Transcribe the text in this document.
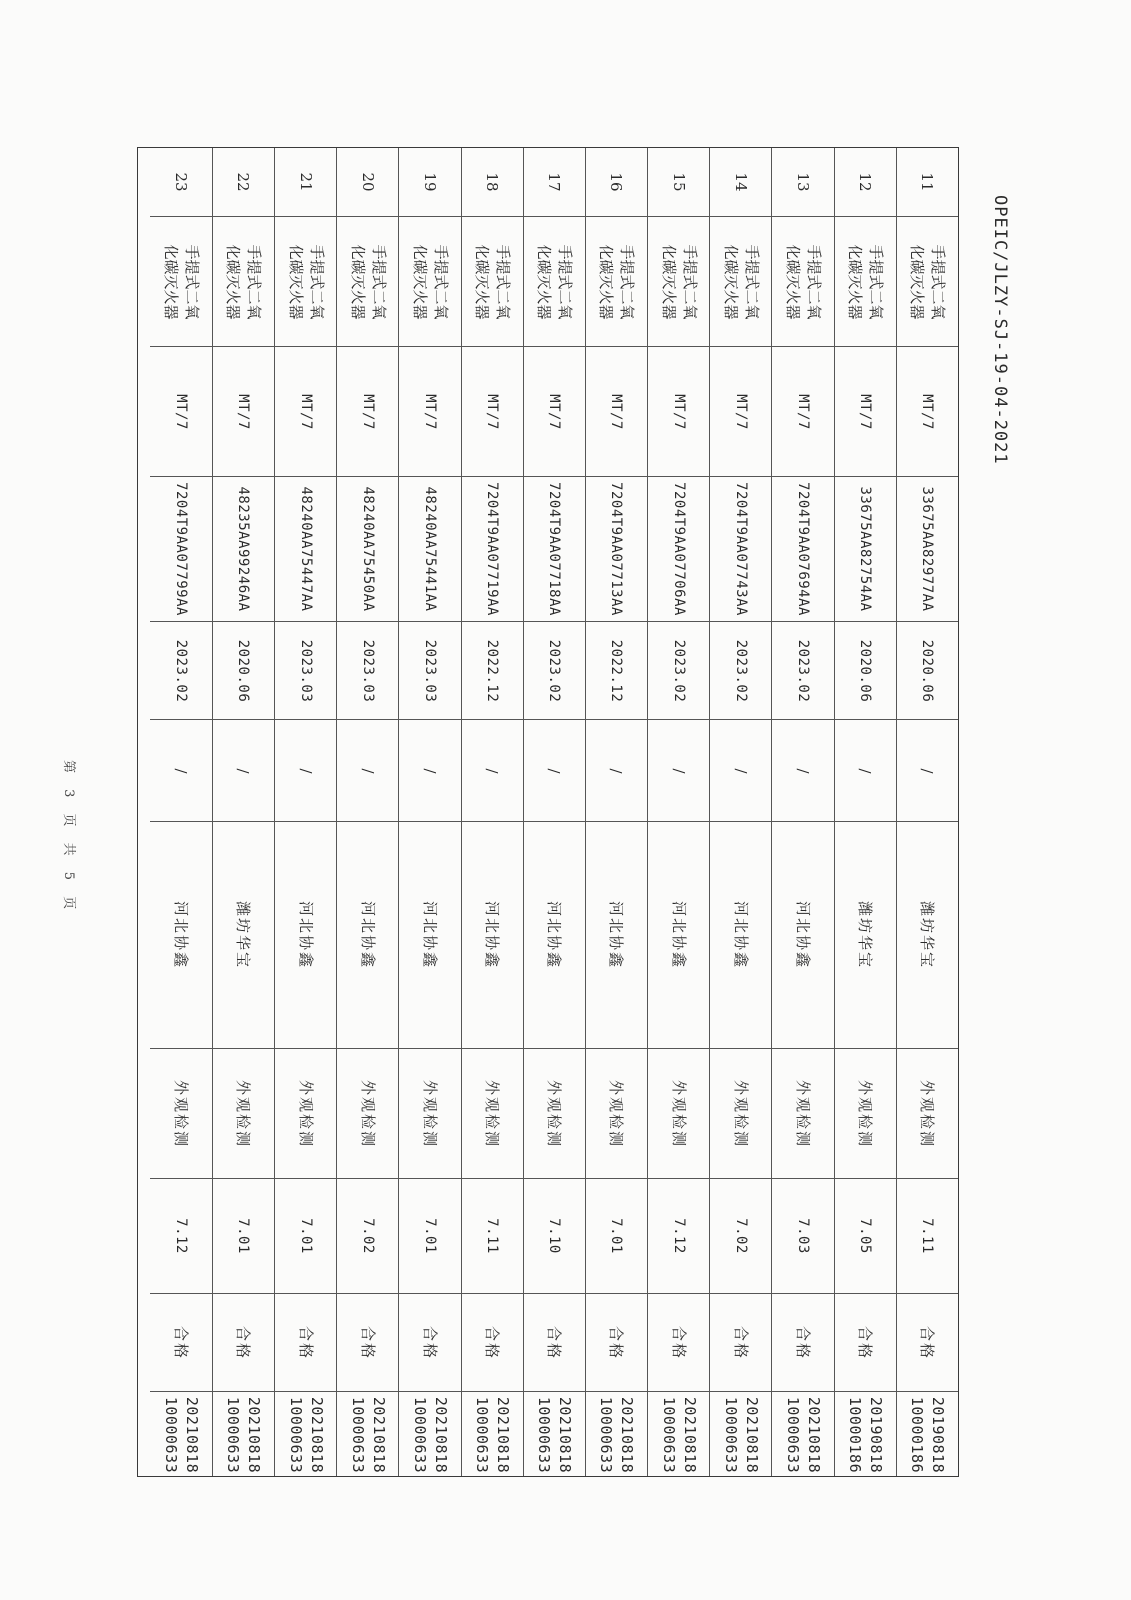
OPEIC/JLZY-SJ-19-04-2021
11
手提式二氧
化碳灭火器
MT/7
33675AA82977AA
2020.06
/
潍坊华宝
外观检测
7.11
合格
20190818
10000186
12
手提式二氧
化碳灭火器
MT/7
33675AA82754AA
2020.06
/
潍坊华宝
外观检测
7.05
合格
20190818
10000186
13
手提式二氧
化碳灭火器
MT/7
7204T9AA07694AA
2023.02
/
河北协鑫
外观检测
7.03
合格
20210818
10000633
14
手提式二氧
化碳灭火器
MT/7
7204T9AA07743AA
2023.02
/
河北协鑫
外观检测
7.02
合格
20210818
10000633
15
手提式二氧
化碳灭火器
MT/7
7204T9AA07706AA
2023.02
/
河北协鑫
外观检测
7.12
合格
20210818
10000633
16
手提式二氧
化碳灭火器
MT/7
7204T9AA07713AA
2022.12
/
河北协鑫
外观检测
7.01
合格
20210818
10000633
17
手提式二氧
化碳灭火器
MT/7
7204T9AA07718AA
2023.02
/
河北协鑫
外观检测
7.10
合格
20210818
10000633
18
手提式二氧
化碳灭火器
MT/7
7204T9AA07719AA
2022.12
/
河北协鑫
外观检测
7.11
合格
20210818
10000633
19
手提式二氧
化碳灭火器
MT/7
48240AA75441AA
2023.03
/
河北协鑫
外观检测
7.01
合格
20210818
10000633
20
手提式二氧
化碳灭火器
MT/7
48240AA75450AA
2023.03
/
河北协鑫
外观检测
7.02
合格
20210818
10000633
21
手提式二氧
化碳灭火器
MT/7
48240AA75447AA
2023.03
/
河北协鑫
外观检测
7.01
合格
20210818
10000633
22
手提式二氧
化碳灭火器
MT/7
48235AA99246AA
2020.06
/
潍坊华宝
外观检测
7.01
合格
20210818
10000633
23
手提式二氧
化碳灭火器
MT/7
7204T9AA07799AA
2023.02
/
河北协鑫
外观检测
7.12
合格
20210818
10000633
第 3 页 共 5 页
